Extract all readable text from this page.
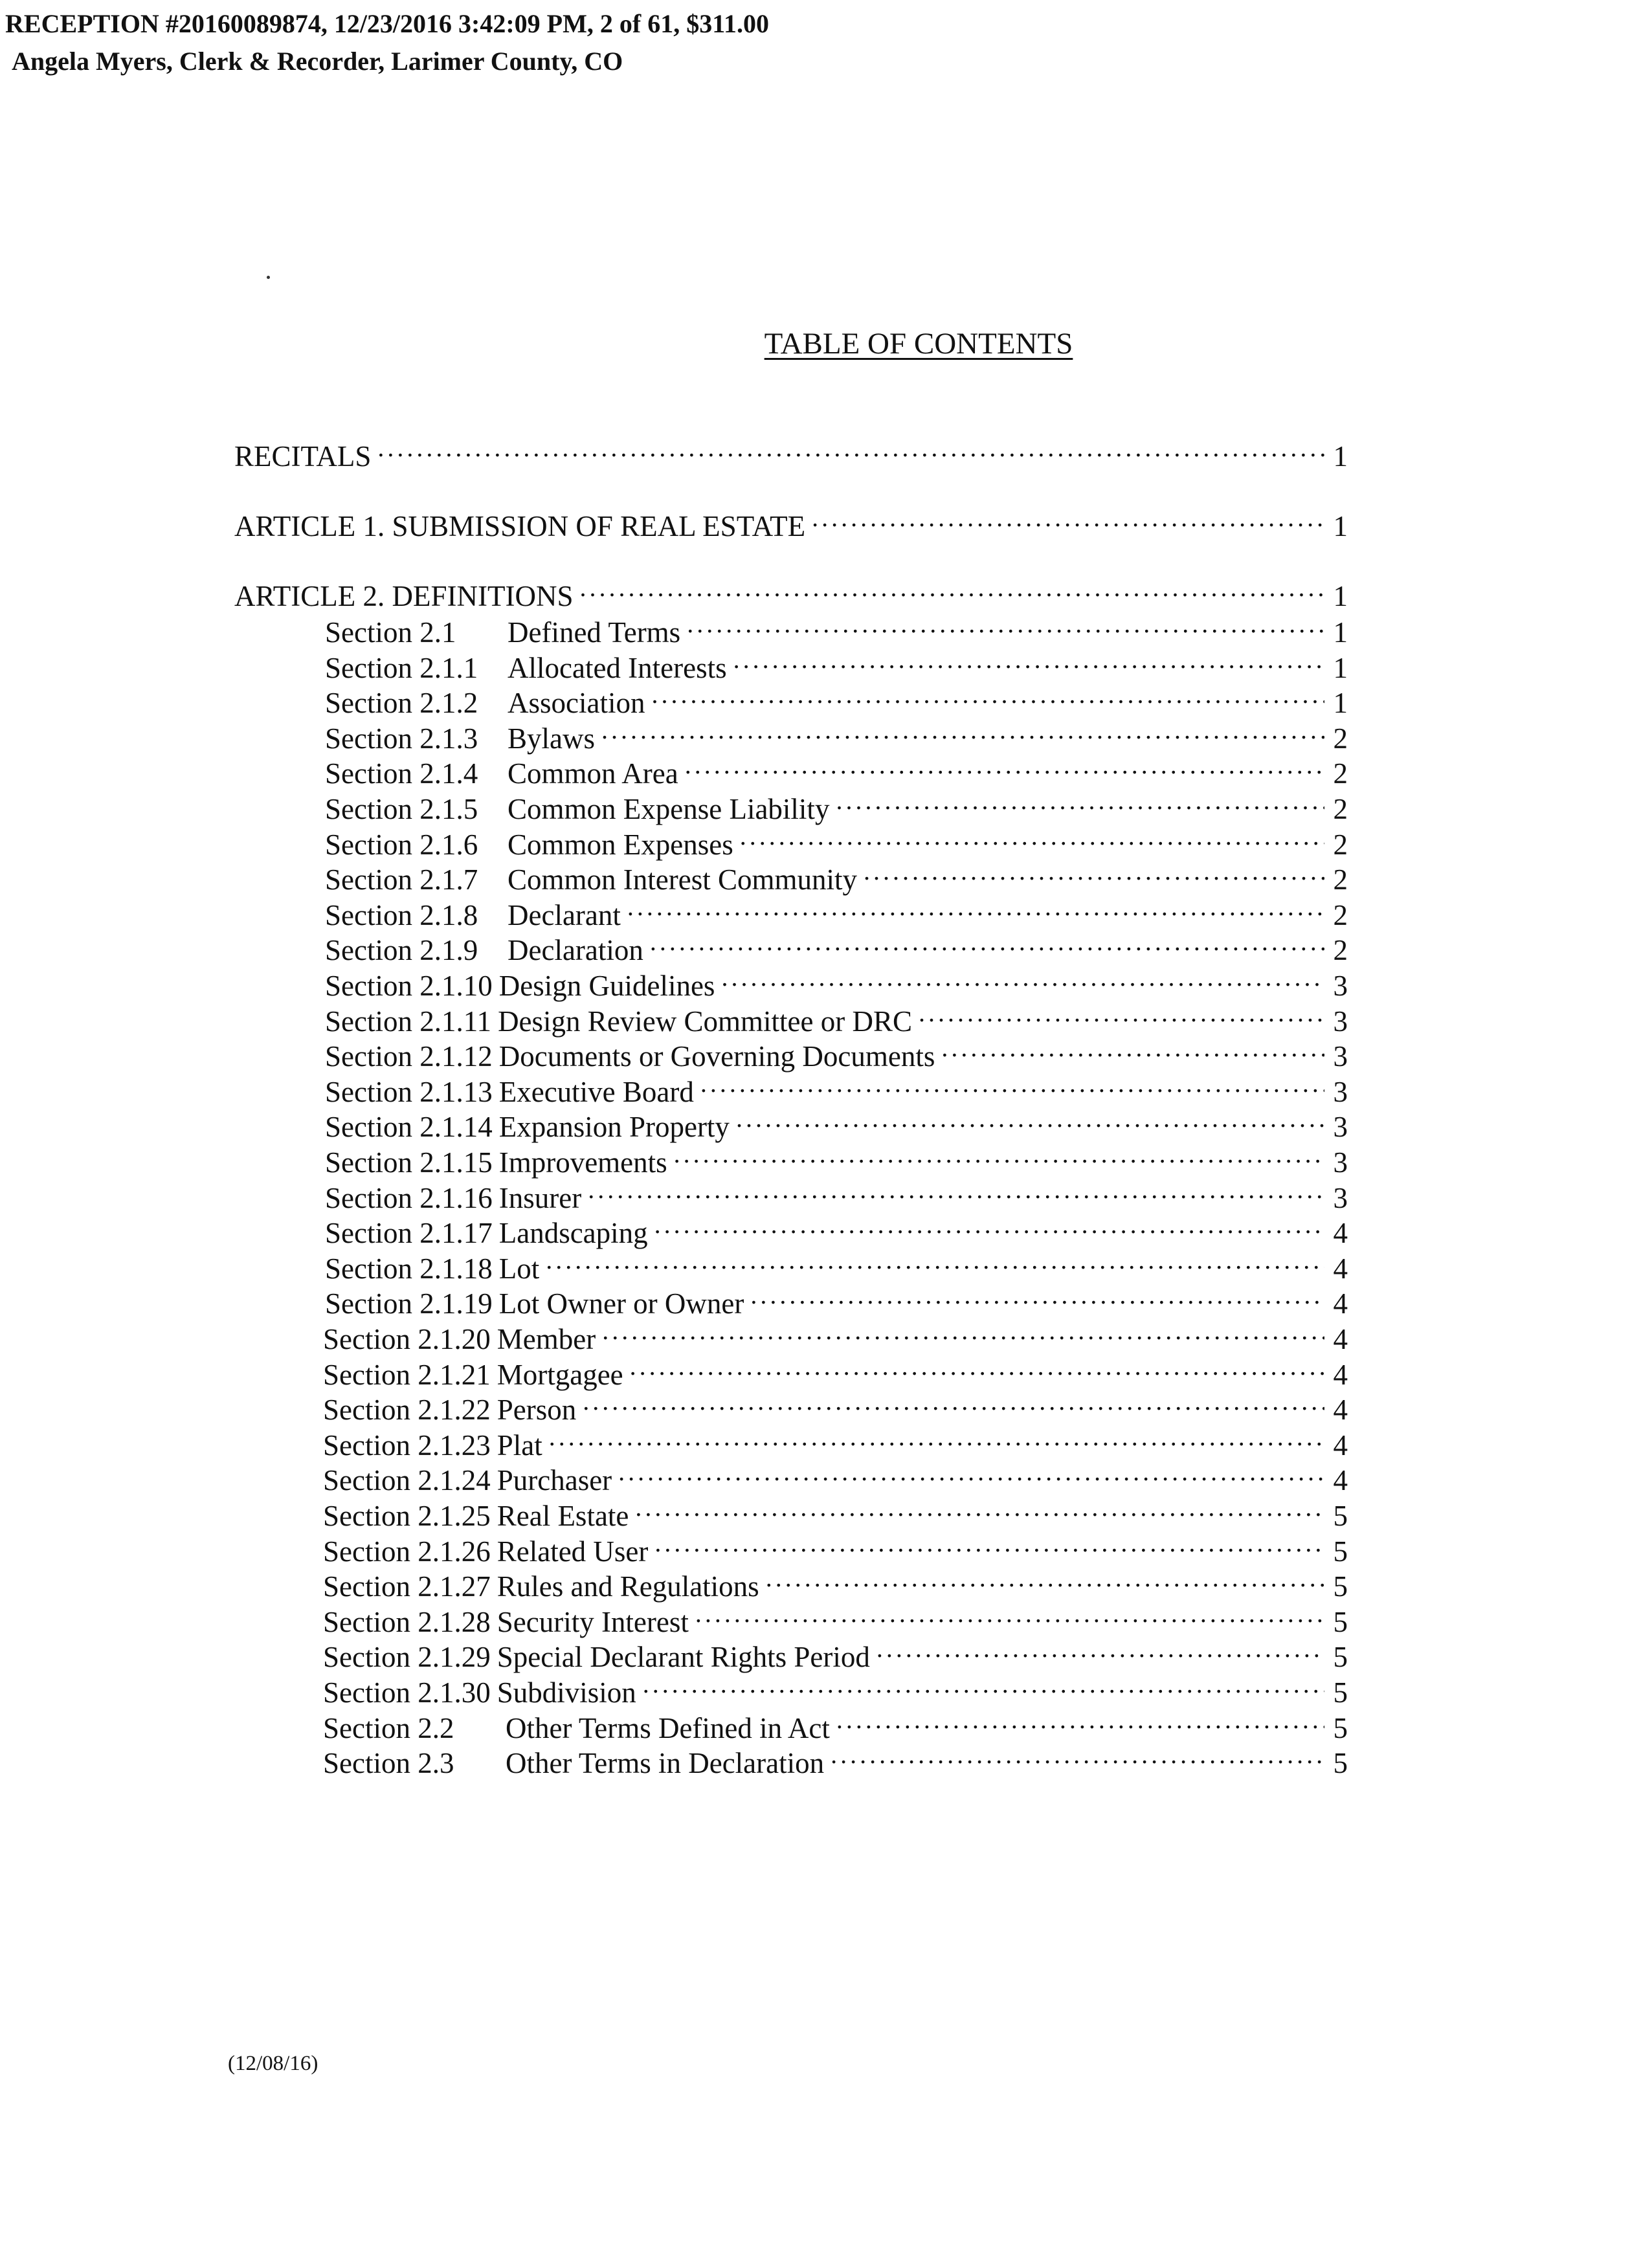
RECEPTION #20160089874, 12/23/2016 3:42:09 PM, 2 of 61, $311.00
Angela Myers, Clerk & Recorder, Larimer County, CO
TABLE OF CONTENTS
RECITALS .....	1
ARTICLE 1. SUBMISSION OF REAL ESTATE .....	1
ARTICLE 2. DEFINITIONS .....	1
Section 2.1	Defined Terms .....	1
Section 2.1.1	Allocated Interests .....	1
Section 2.1.2	Association .....	1
Section 2.1.3	Bylaws .....	2
Section 2.1.4	Common Area .....	2
Section 2.1.5	Common Expense Liability .....	2
Section 2.1.6	Common Expenses .....	2
Section 2.1.7	Common Interest Community .....	2
Section 2.1.8	Declarant .....	2
Section 2.1.9	Declaration .....	2
Section 2.1.10 Design Guidelines .....	3
Section 2.1.11 Design Review Committee or DRC .....	3
Section 2.1.12 Documents or Governing Documents .....	3
Section 2.1.13 Executive Board .....	3
Section 2.1.14 Expansion Property .....	3
Section 2.1.15 Improvements .....	3
Section 2.1.16 Insurer .....	3
Section 2.1.17 Landscaping .....	4
Section 2.1.18 Lot .....	4
Section 2.1.19 Lot Owner or Owner .....	4
Section 2.1.20 Member .....	4
Section 2.1.21 Mortgagee .....	4
Section 2.1.22 Person .....	4
Section 2.1.23 Plat .....	4
Section 2.1.24 Purchaser .....	4
Section 2.1.25 Real Estate .....	5
Section 2.1.26 Related User .....	5
Section 2.1.27 Rules and Regulations .....	5
Section 2.1.28 Security Interest .....	5
Section 2.1.29 Special Declarant Rights Period .....	5
Section 2.1.30 Subdivision .....	5
Section 2.2	Other Terms Defined in Act .....	5
Section 2.3	Other Terms in Declaration .....	5
(12/08/16)
